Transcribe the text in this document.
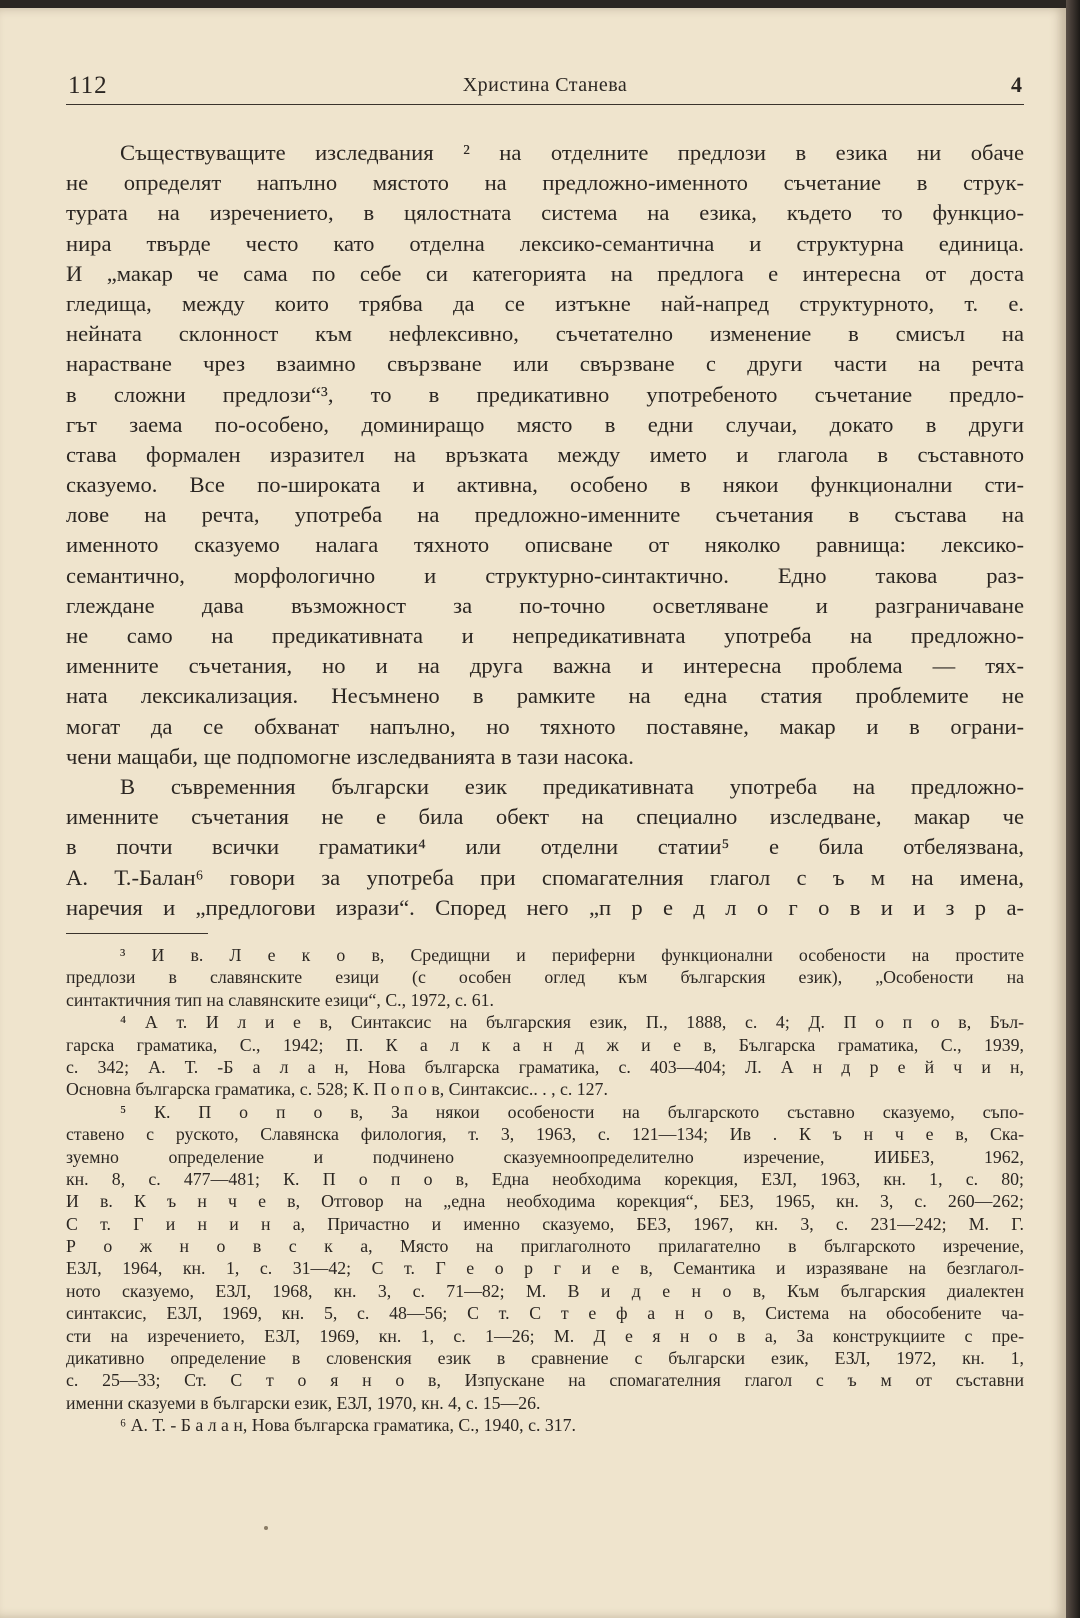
112	Христина Станева	4
Съществуващите изследвания ² на отделните предлози в езика ни обаче
не определят напълно мястото на предложно-именното съчетание в струк-
турата на изречението, в цялостната система на езика, където то функцио-
нира твърде често като отделна лексико-семантична и структурна единица.
И „макар че сама по себе си категорията на предлога е интересна от доста
гледища, между които трябва да се изтъкне най-напред структурното, т. е.
нейната склонност към нефлексивно, съчетателно изменение в смисъл на
нарастване чрез взаимно свързване или свързване с други части на речта
в сложни предлози“³, то в предикативно употребеното съчетание предло-
гът заема по-особено, доминиращо място в едни случаи, докато в други
става формален изразител на връзката между името и глагола в съставното
сказуемо. Все по-широката и активна, особено в някои функционални сти-
лове на речта, употреба на предложно-именните съчетания в състава на
именното сказуемо налага тяхното описване от няколко равнища: лексико-
семантично, морфологично и структурно-синтактично. Едно такова раз-
глеждане дава възможност за по-точно осветляване и разграничаване
не само на предикативната и непредикативната употреба на предложно-
именните съчетания, но и на друга важна и интересна проблема — тях-
ната лексикализация. Несъмнено в рамките на една статия проблемите не
могат да се обхванат напълно, но тяхното поставяне, макар и в ограни-
чени мащаби, ще подпомогне изследванията в тази насока.
В съвременния български език предикативната употреба на предложно-
именните съчетания не е била обект на специално изследване, макар че
в почти всички граматики⁴ или отделни статии⁵ е била отбелязвана,
А. Т.-Балан⁶ говори за употреба при спомагателния глагол с ъ м на имена,
наречия и „предлогови изрази“. Според него „п р е д л о г о в и и з р а-
³ И в. Л е к о в, Средищни и периферни функционални особености на простите
предлози в славянските езици (с особен оглед към българския език), „Особености на
синтактичния тип на славянските езици“, С., 1972, с. 61.
⁴ А т. И л и е в, Синтаксис на българския език, П., 1888, с. 4; Д. П о п о в, Бъл-
гарска граматика, С., 1942; П. К а л к а н д ж и е в, Българска граматика, С., 1939,
с. 342; А. Т. -Б а л а н, Нова българска граматика, с. 403—404; Л. А н д р е й ч и н,
Основна българска граматика, с. 528; К. П о п о в, Синтаксис.. . , с. 127.
⁵ К. П о п о в, За някои особености на българското съставно сказуемо, съпо-
ставено с руското, Славянска филология, т. 3, 1963, с. 121—134; Ив . К ъ н ч е в, Ска-
зуемно определение и подчинено сказуемноопределително изречение, ИИБЕЗ, 1962,
кн. 8, с. 477—481; К. П о п о в, Една необходима корекция, ЕЗЛ, 1963, кн. 1, с. 80;
И в. К ъ н ч е в, Отговор на „една необходима корекция“, БЕЗ, 1965, кн. 3, с. 260—262;
С т. Г и н и н а, Причастно и именно сказуемо, БЕЗ, 1967, кн. 3, с. 231—242; М. Г.
Р о ж н о в с к а, Място на приглаголното прилагателно в българското изречение,
ЕЗЛ, 1964, кн. 1, с. 31—42; С т. Г е о р г и е в, Семантика и изразяване на безглагол-
ното сказуемо, ЕЗЛ, 1968, кн. 3, с. 71—82; М. В и д е н о в, Към българския диалектен
синтаксис, ЕЗЛ, 1969, кн. 5, с. 48—56; С т. С т е ф а н о в, Система на обособените ча-
сти на изречението, ЕЗЛ, 1969, кн. 1, с. 1—26; М. Д е я н о в а, За конструкциите с пре-
дикативно определение в словенския език в сравнение с български език, ЕЗЛ, 1972, кн. 1,
с. 25—33; Ст. С т о я н о в, Изпускане на спомагателния глагол с ъ м от съставни
именни сказуеми в български език, ЕЗЛ, 1970, кн. 4, с. 15—26.
⁶ А. Т. - Б а л а н, Нова българска граматика, С., 1940, с. 317.
